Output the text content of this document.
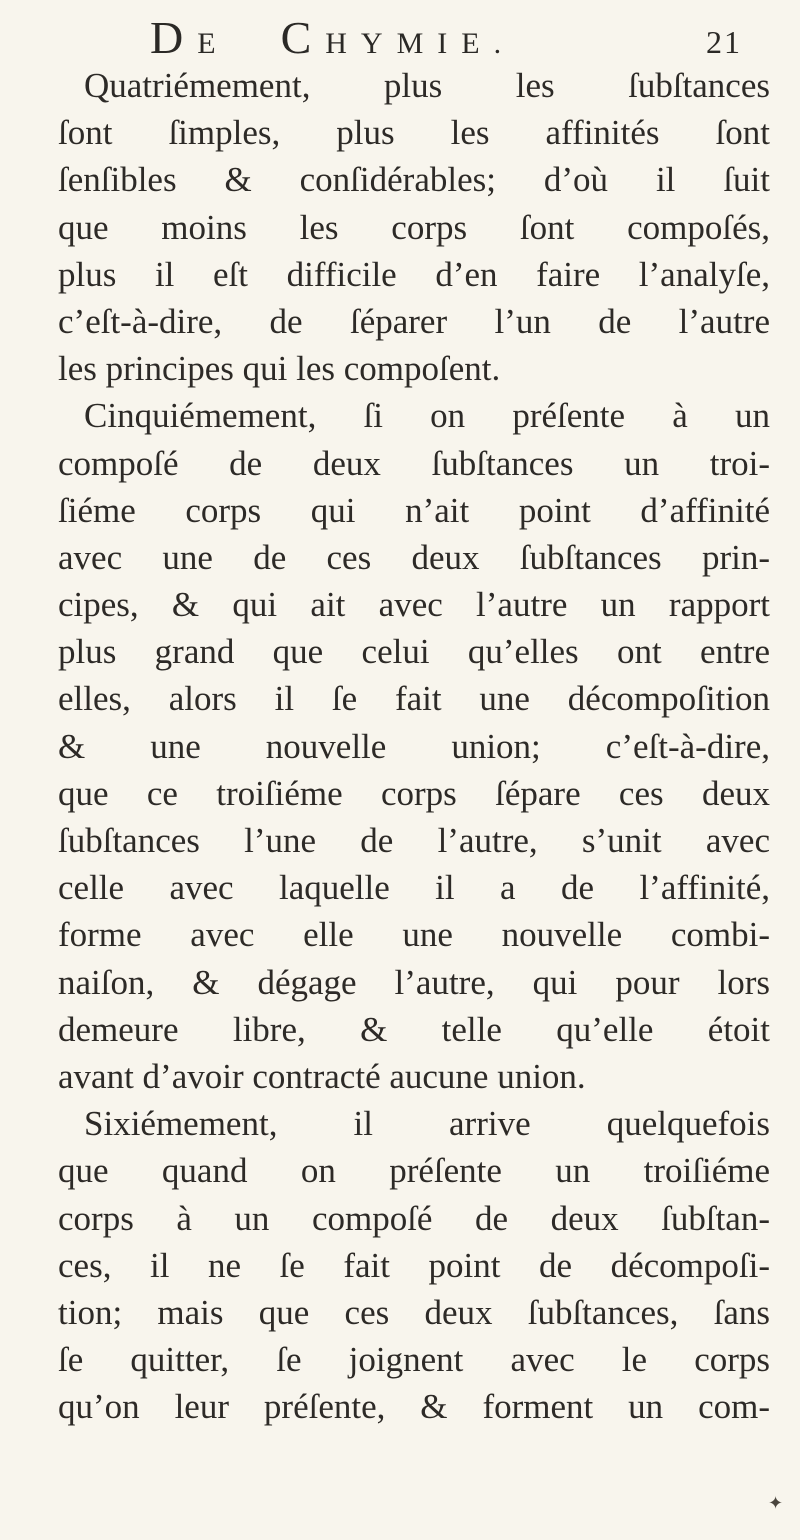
DE CHYMIE.	21
Quatriémement, plus les ſubſtances
ſont ſimples, plus les affinités ſont
ſenſibles & conſidérables; d’où il ſuit
que moins les corps ſont compoſés,
plus il eſt difficile d’en faire l’analyſe,
c’eſt-à-dire, de ſéparer l’un de l’autre
les principes qui les compoſent.
Cinquiémement, ſi on préſente à un
compoſé de deux ſubſtances un troi-
ſiéme corps qui n’ait point d’affinité
avec une de ces deux ſubſtances prin-
cipes, & qui ait avec l’autre un rapport
plus grand que celui qu’elles ont entre
elles, alors il ſe fait une décompoſition
& une nouvelle union; c’eſt-à-dire,
que ce troiſiéme corps ſépare ces deux
ſubſtances l’une de l’autre, s’unit avec
celle avec laquelle il a de l’affinité,
forme avec elle une nouvelle combi-
naiſon, & dégage l’autre, qui pour lors
demeure libre, & telle qu’elle étoit
avant d’avoir contracté aucune union.
Sixiémement, il arrive quelquefois
que quand on préſente un troiſiéme
corps à un compoſé de deux ſubſtan-
ces, il ne ſe fait point de décompoſi-
tion; mais que ces deux ſubſtances, ſans
ſe quitter, ſe joignent avec le corps
qu’on leur préſente, & forment un com-
✦
